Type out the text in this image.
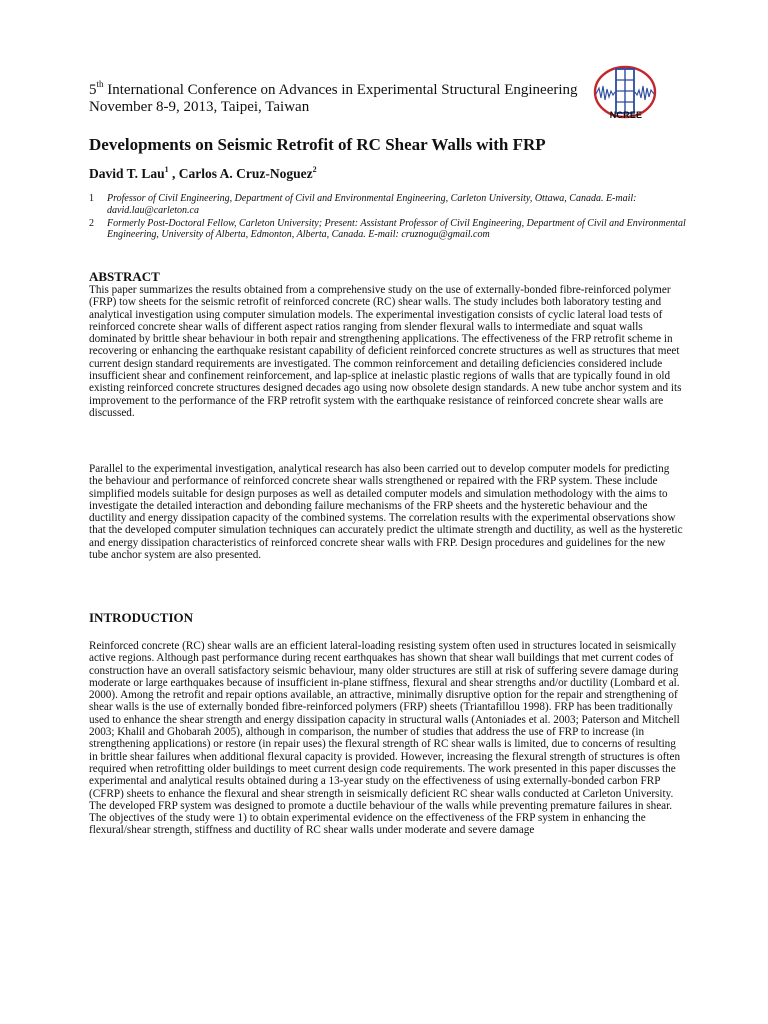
5th International Conference on Advances in Experimental Structural Engineering
November 8-9, 2013, Taipei, Taiwan	NCREE
Developments on Seismic Retrofit of RC Shear Walls with FRP
David T. Lau$^1$ , Carlos A. Cruz-Noguez$^2$
1	Professor of Civil Engineering, Department of Civil and Environmental Engineering, Carleton University, Ottawa, Canada. E-mail: david.lau@carleton.ca
2	Formerly Post-Doctoral Fellow, Carleton University; Present: Assistant Professor of Civil Engineering, Department of Civil and Environmental Engineering, University of Alberta, Edmonton, Alberta, Canada. E-mail: cruznogu@gmail.com
ABSTRACT
This paper summarizes the results obtained from a comprehensive study on the use of externally-bonded fibre-reinforced polymer (FRP) tow sheets for the seismic retrofit of reinforced concrete (RC) shear walls. The study includes both laboratory testing and analytical investigation using computer simulation models. The experimental investigation consists of cyclic lateral load tests of reinforced concrete shear walls of different aspect ratios ranging from slender flexural walls to intermediate and squat walls dominated by brittle shear behaviour in both repair and strengthening applications. The effectiveness of the FRP retrofit scheme in recovering or enhancing the earthquake resistant capability of deficient reinforced concrete structures as well as structures that meet current design standard requirements are investigated. The common reinforcement and detailing deficiencies considered include insufficient shear and confinement reinforcement, and lap-splice at inelastic plastic regions of walls that are typically found in old existing reinforced concrete structures designed decades ago using now obsolete design standards. A new tube anchor system and its improvement to the performance of the FRP retrofit system with the earthquake resistance of reinforced concrete shear walls are discussed.
Parallel to the experimental investigation, analytical research has also been carried out to develop computer models for predicting the behaviour and performance of reinforced concrete shear walls strengthened or repaired with the FRP system. These include simplified models suitable for design purposes as well as detailed computer models and simulation methodology with the aims to investigate the detailed interaction and debonding failure mechanisms of the FRP sheets and the hysteretic behaviour and the ductility and energy dissipation capacity of the combined systems. The correlation results with the experimental observations show that the developed computer simulation techniques can accurately predict the ultimate strength and ductility, as well as the hysteretic and energy dissipation characteristics of reinforced concrete shear walls with FRP. Design procedures and guidelines for the new tube anchor system are also presented.
INTRODUCTION
Reinforced concrete (RC) shear walls are an efficient lateral-loading resisting system often used in structures located in seismically active regions. Although past performance during recent earthquakes has shown that shear wall buildings that met current codes of construction have an overall satisfactory seismic behaviour, many older structures are still at risk of suffering severe damage during moderate or large earthquakes because of insufficient in-plane stiffness, flexural and shear strengths and/or ductility (Lombard et al. 2000). Among the retrofit and repair options available, an attractive, minimally disruptive option for the repair and strengthening of shear walls is the use of externally bonded fibre-reinforced polymers (FRP) sheets (Triantafillou 1998). FRP has been traditionally used to enhance the shear strength and energy dissipation capacity in structural walls (Antoniades et al. 2003; Paterson and Mitchell 2003; Khalil and Ghobarah 2005), although in comparison, the number of studies that address the use of FRP to increase (in strengthening applications) or restore (in repair uses) the flexural strength of RC shear walls is limited, due to concerns of resulting in brittle shear failures when additional flexural capacity is provided. However, increasing the flexural strength of structures is often required when retrofitting older buildings to meet current design code requirements. The work presented in this paper discusses the experimental and analytical results obtained during a 13-year study on the effectiveness of using externally-bonded carbon FRP (CFRP) sheets to enhance the flexural and shear strength in seismically deficient RC shear walls conducted at Carleton University. The developed FRP system was designed to promote a ductile behaviour of the walls while preventing premature failures in shear. The objectives of the study were 1) to obtain experimental evidence on the effectiveness of the FRP system in enhancing the flexural/shear strength, stiffness and ductility of RC shear walls under moderate and severe damage
